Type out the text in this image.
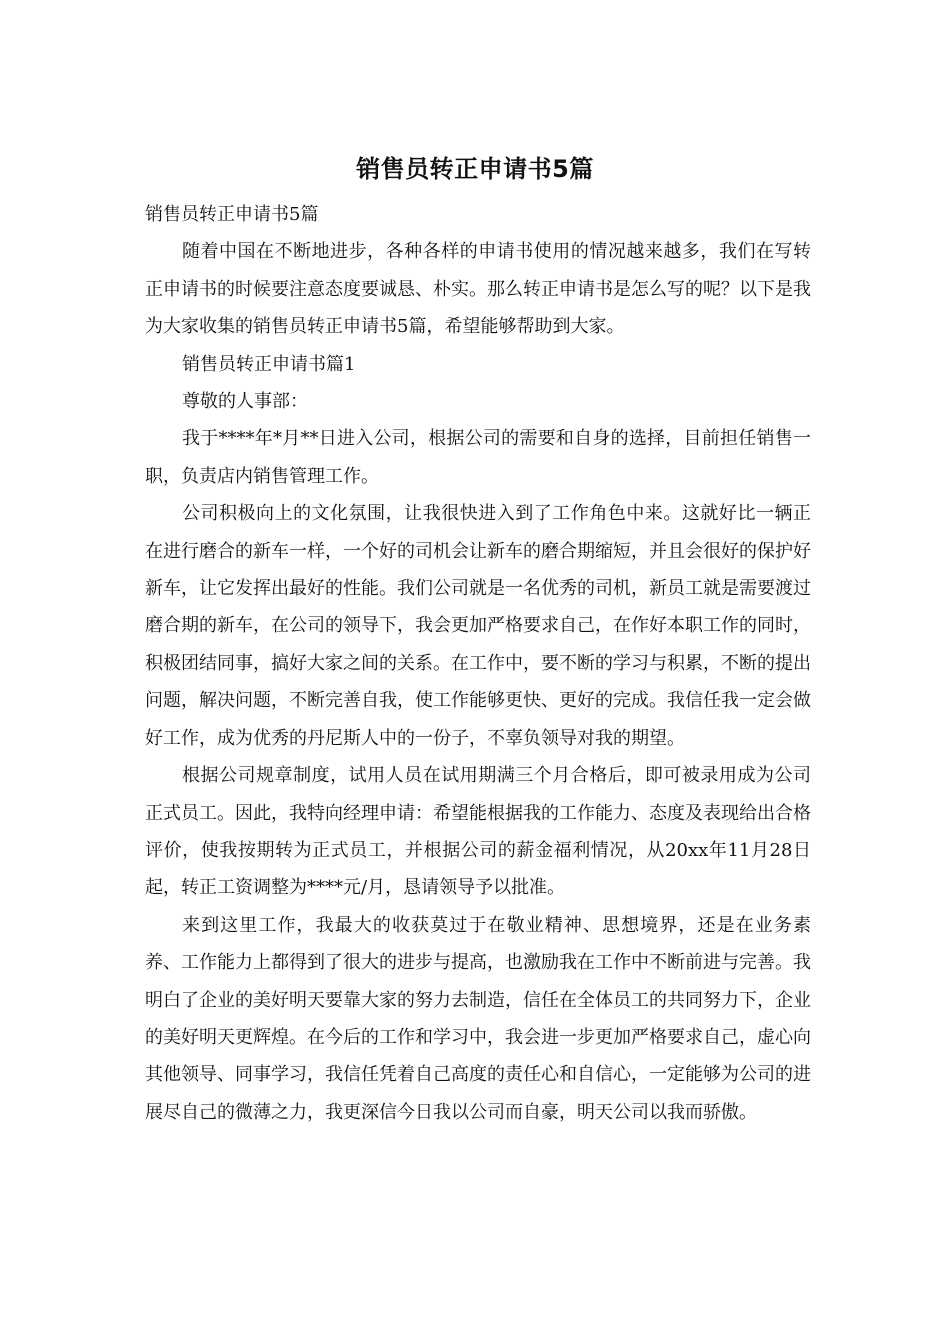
销售员转正申请书5篇

销售员转正申请书5篇

随着中国在不断地进步，各种各样的申请书使用的情况越来越多，我们在写转正申请书的时候要注意态度要诚恳、朴实。那么转正申请书是怎么写的呢？以下是我为大家收集的销售员转正申请书5篇，希望能够帮助到大家。

销售员转正申请书篇1

尊敬的人事部：

我于****年*月**日进入公司，根据公司的需要和自身的选择，目前担任销售一职，负责店内销售管理工作。

公司积极向上的文化氛围，让我很快进入到了工作角色中来。这就好比一辆正在进行磨合的新车一样，一个好的司机会让新车的磨合期缩短，并且会很好的保护好新车，让它发挥出最好的性能。我们公司就是一名优秀的司机，新员工就是需要渡过磨合期的新车，在公司的领导下，我会更加严格要求自己，在作好本职工作的同时，积极团结同事，搞好大家之间的关系。在工作中，要不断的学习与积累，不断的提出问题，解决问题，不断完善自我，使工作能够更快、更好的完成。我信任我一定会做好工作，成为优秀的丹尼斯人中的一份子，不辜负领导对我的期望。

根据公司规章制度，试用人员在试用期满三个月合格后，即可被录用成为公司正式员工。因此，我特向经理申请：希望能根据我的工作能力、态度及表现给出合格评价，使我按期转为正式员工，并根据公司的薪金福利情况，从20xx年11月28日起，转正工资调整为****元/月，恳请领导予以批准。

来到这里工作，我最大的收获莫过于在敬业精神、思想境界，还是在业务素养、工作能力上都得到了很大的进步与提高，也激励我在工作中不断前进与完善。我明白了企业的美好明天要靠大家的努力去制造，信任在全体员工的共同努力下，企业的美好明天更辉煌。在今后的工作和学习中，我会进一步更加严格要求自己，虚心向其他领导、同事学习，我信任凭着自己高度的责任心和自信心，一定能够为公司的进展尽自己的微薄之力，我更深信今日我以公司而自豪，明天公司以我而骄傲。
